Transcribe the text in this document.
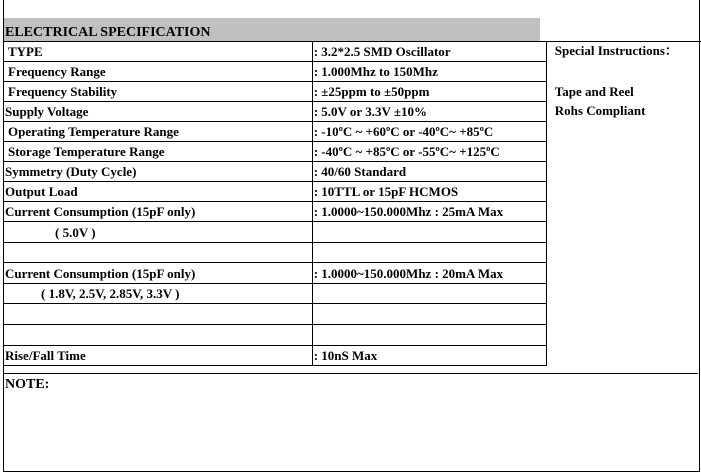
ELECTRICAL SPECIFICATION
TYPE	: 3.2*2.5 SMD Oscillator	Special Instructions：
Tape and Reel
Rohs Compliant

Frequency Range	: 1.000Mhz to 150Mhz	
Frequency Stability	: ±25ppm to ±50ppm	
Supply Voltage	: 5.0V or 3.3V ±10%	
Operating Temperature Range	: -10ºC ~ +60ºC or -40ºC~ +85ºC	
Storage Temperature Range	: -40ºC ~ +85ºC or -55ºC~ +125ºC	
Symmetry (Duty Cycle)	: 40/60 Standard	
Output Load	: 10TTL or 15pF HCMOS	
Current Consumption (15pF only)	: 1.0000~150.000Mhz : 25mA Max	
( 5.0V )		

Current Consumption (15pF only)	: 1.0000~150.000Mhz : 20mA Max	
( 1.8V, 2.5V, 2.85V, 3.3V )		

Rise/Fall Time	: 10nS Max	
NOTE:
